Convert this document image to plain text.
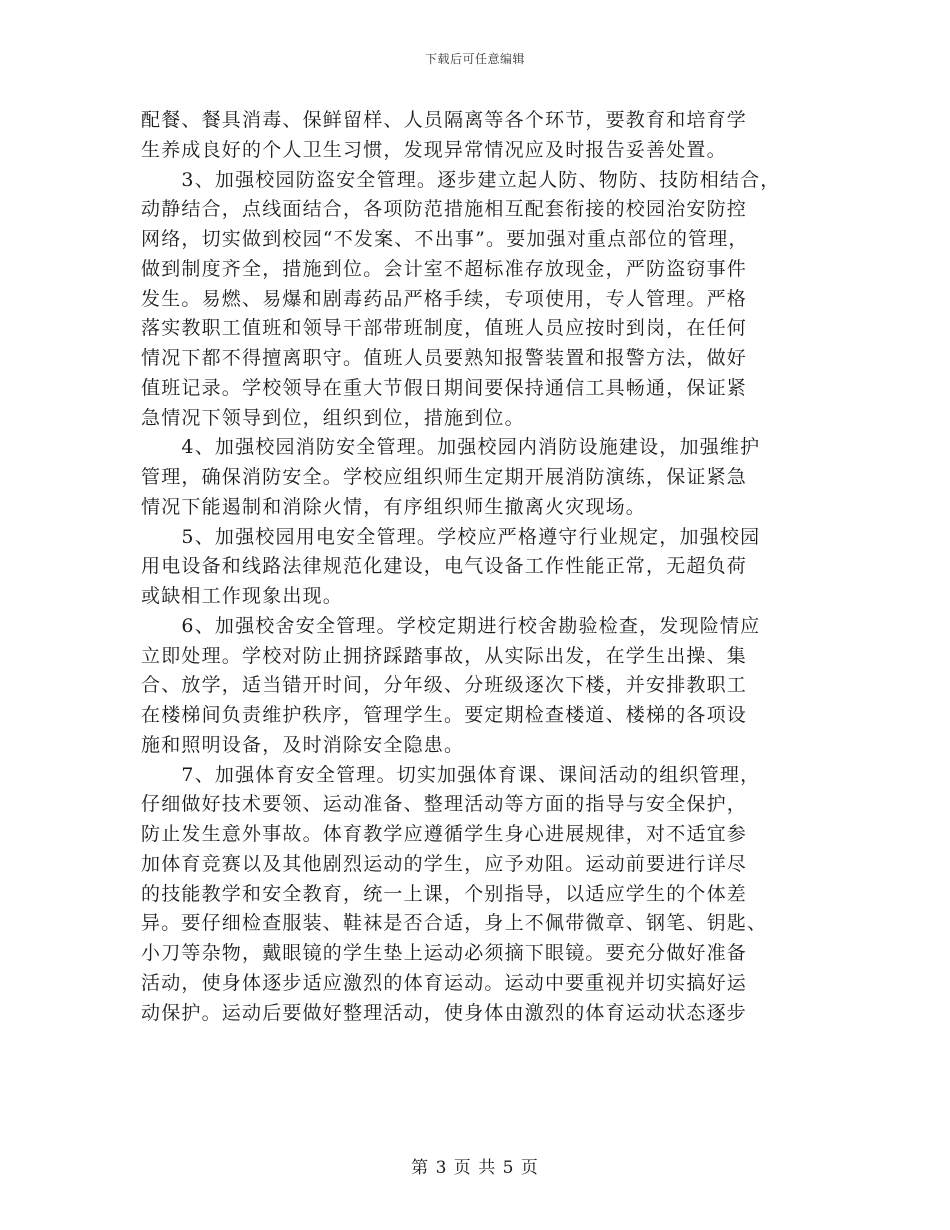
下载后可任意编辑
配餐、餐具消毒、保鲜留样、人员隔离等各个环节，要教育和培育学
生养成良好的个人卫生习惯，发现异常情况应及时报告妥善处置。
　　3、加强校园防盗安全管理。逐步建立起人防、物防、技防相结合，
动静结合，点线面结合，各项防范措施相互配套衔接的校园治安防控
网络，切实做到校园“不发案、不出事”。要加强对重点部位的管理，
做到制度齐全，措施到位。会计室不超标准存放现金，严防盗窃事件
发生。易燃、易爆和剧毒药品严格手续，专项使用，专人管理。严格
落实教职工值班和领导干部带班制度，值班人员应按时到岗，在任何
情况下都不得擅离职守。值班人员要熟知报警装置和报警方法，做好
值班记录。学校领导在重大节假日期间要保持通信工具畅通，保证紧
急情况下领导到位，组织到位，措施到位。
　　4、加强校园消防安全管理。加强校园内消防设施建设，加强维护
管理，确保消防安全。学校应组织师生定期开展消防演练，保证紧急
情况下能遏制和消除火情，有序组织师生撤离火灾现场。
　　5、加强校园用电安全管理。学校应严格遵守行业规定，加强校园
用电设备和线路法律规范化建设，电气设备工作性能正常，无超负荷
或缺相工作现象出现。
　　6、加强校舍安全管理。学校定期进行校舍勘验检查，发现险情应
立即处理。学校对防止拥挤踩踏事故，从实际出发，在学生出操、集
合、放学，适当错开时间，分年级、分班级逐次下楼，并安排教职工
在楼梯间负责维护秩序，管理学生。要定期检查楼道、楼梯的各项设
施和照明设备，及时消除安全隐患。
　　7、加强体育安全管理。切实加强体育课、课间活动的组织管理，
仔细做好技术要领、运动准备、整理活动等方面的指导与安全保护，
防止发生意外事故。体育教学应遵循学生身心进展规律，对不适宜参
加体育竞赛以及其他剧烈运动的学生，应予劝阻。运动前要进行详尽
的技能教学和安全教育，统一上课，个别指导，以适应学生的个体差
异。要仔细检查服装、鞋袜是否合适，身上不佩带微章、钢笔、钥匙、
小刀等杂物，戴眼镜的学生垫上运动必须摘下眼镜。要充分做好准备
活动，使身体逐步适应激烈的体育运动。运动中要重视并切实搞好运
动保护。运动后要做好整理活动，使身体由激烈的体育运动状态逐步
第 3 页 共 5 页
